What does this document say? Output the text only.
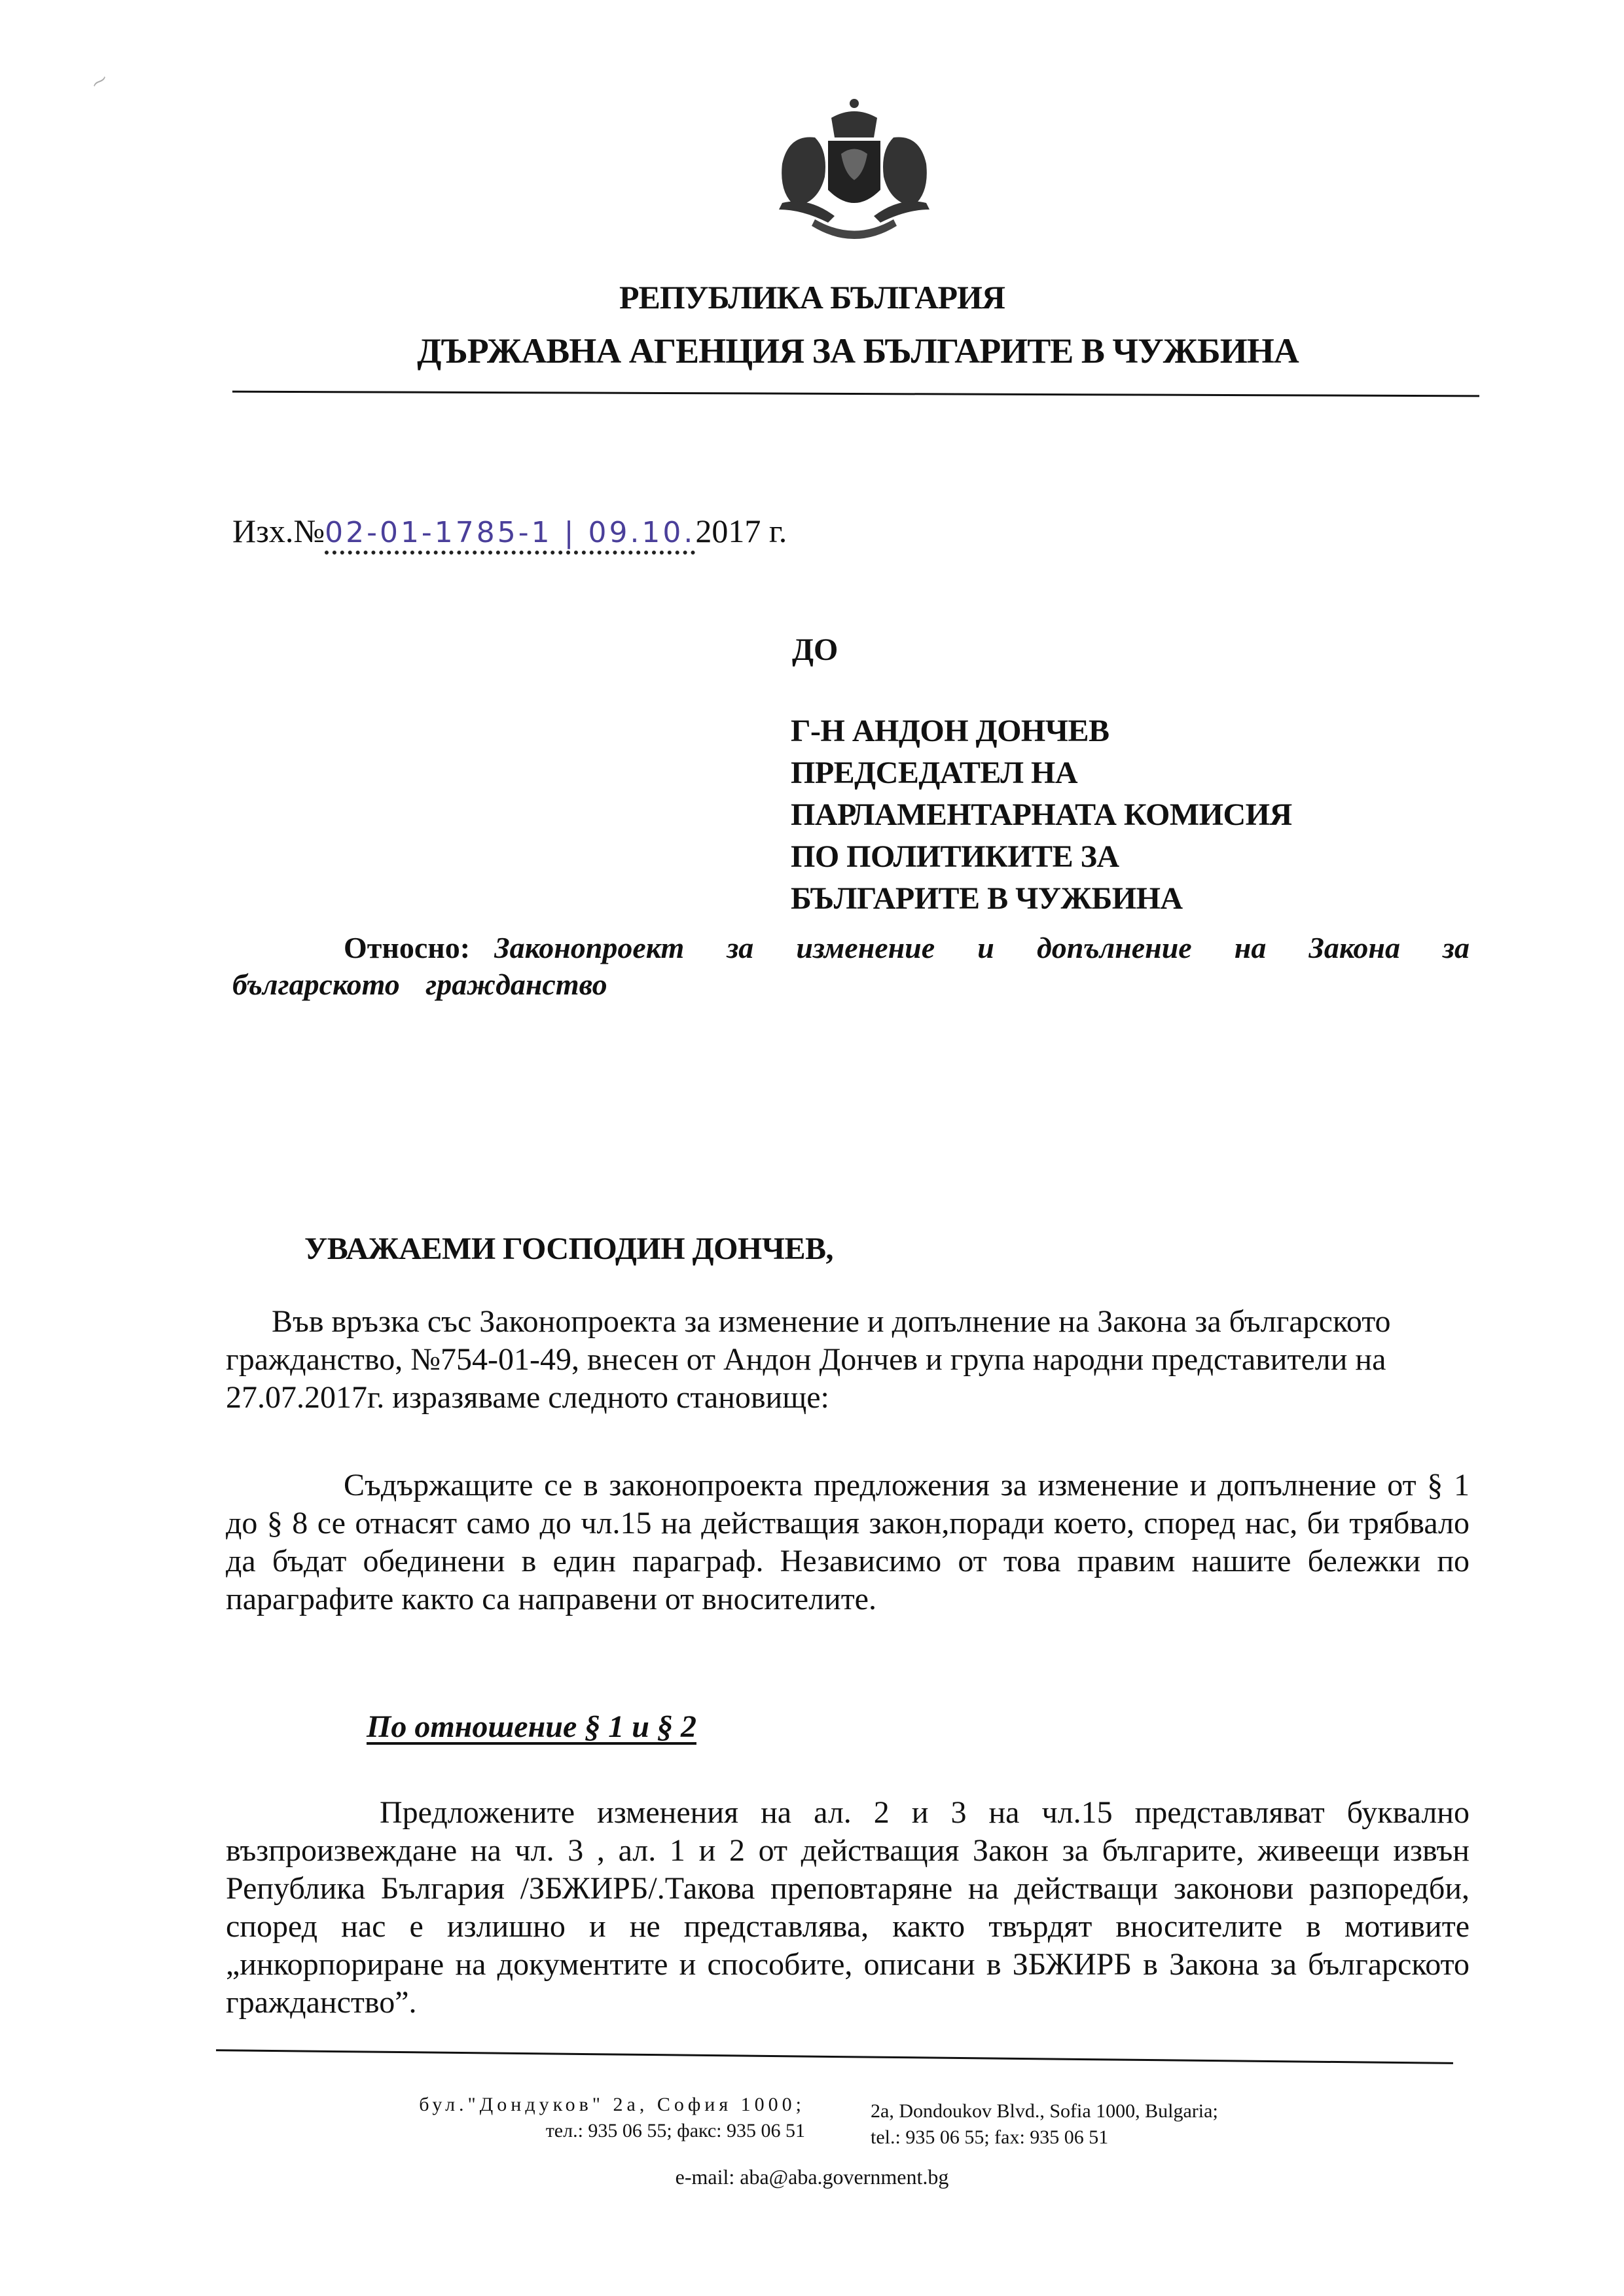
⁓
РЕПУБЛИКА БЪЛГАРИЯ
ДЪРЖАВНА АГЕНЦИЯ ЗА БЪЛГАРИТЕ В ЧУЖБИНА
Изх.№02-01-1785-1 | 09.10.2017 г.
ДО
Г-Н АНДОН ДОНЧЕВ
ПРЕДСЕДАТЕЛ НА
ПАРЛАМЕНТАРНАТА КОМИСИЯ
ПО ПОЛИТИКИТЕ ЗА
БЪЛГАРИТЕ В ЧУЖБИНА
Относно: Законопроект за изменение и допълнение на Закона за българското гражданство
УВАЖАЕМИ ГОСПОДИН ДОНЧЕВ,
Във връзка със Законопроекта за изменение и допълнение на Закона за българското гражданство, №754-01-49, внесен от Андон Дончев и група народни представители на 27.07.2017г. изразяваме следното становище:
Съдържащите се в законопроекта предложения за изменение и допълнение от § 1 до § 8 се отнасят само до чл.15 на действащия закон,поради което, според нас, би трябвало да бъдат обединени в един параграф. Независимо от това правим нашите бележки по параграфите както са направени от вносителите.
По отношение § 1 и § 2
Предложените изменения на ал. 2 и 3 на чл.15 представляват буквално възпроизвеждане на чл. 3 , ал. 1 и 2 от действащия Закон за българите, живеещи извън Република България /ЗБЖИРБ/.Такова преповтаряне на действащи законови разпоредби, според нас е излишно и не представлява, както твърдят вносителите в мотивите „инкорпориране на документите и способите, описани в ЗБЖИРБ в Закона за българското гражданство”.
бул."Дондуков" 2а, София 1000;
тел.: 935 06 55; факс: 935 06 51
2a, Dondoukov Blvd., Sofia 1000, Bulgaria;
tel.: 935 06 55; fax: 935 06 51
e-mail: aba@aba.government.bg
